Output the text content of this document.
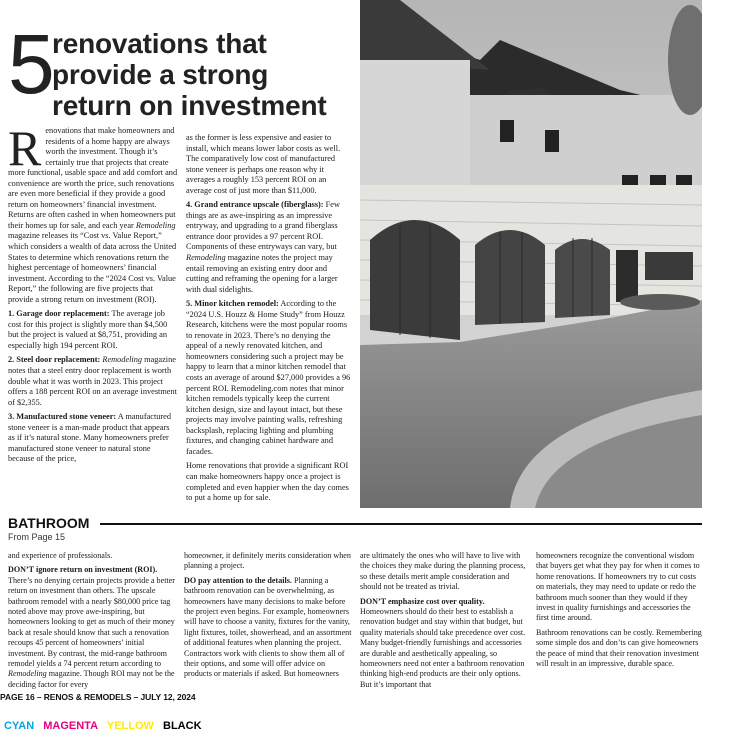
5
renovations that
provide a strong
return on investment

R enovations that make homeowners and residents of a home happy are always worth the investment. Though it’s certainly true that projects that create more functional, usable space and add comfort and convenience are worth the price, such renovations are even more beneficial if they provide a good return on homeowners’ financial investment. Returns are often cashed in when homeowners put their homes up for sale, and each year Remodeling magazine releases its “Cost vs. Value Report,” which considers a wealth of data across the United States to determine which renovations return the highest percentage of homeowners’ financial investment. According to the “2024 Cost vs. Value Report,” the following are five projects that provide a strong return on investment (ROI).

1. Garage door replacement: The average job cost for this project is slightly more than $4,500 but the project is valued at $8,751, providing an especially high 194 percent ROI.

2. Steel door replacement: Remodeling magazine notes that a steel entry door replacement is worth double what it was worth in 2023. This project offers a 188 percent ROI on an average investment of $2,355.

3. Manufactured stone veneer: A manufactured stone veneer is a man-made product that appears as if it’s natural stone. Many homeowners prefer manufactured stone veneer to natural stone because of the price,

as the former is less expensive and easier to install, which means lower labor costs as well. The comparatively low cost of manufactured stone veneer is perhaps one reason why it averages a roughly 153 percent ROI on an average cost of just more than $11,000.

4. Grand entrance upscale (fiberglass): Few things are as awe-inspiring as an impressive entryway, and upgrading to a grand fiberglass entrance door provides a 97 percent ROI. Components of these entryways can vary, but Remodeling magazine notes the project may entail removing an existing entry door and cutting and reframing the opening for a larger with dual sidelights.

5. Minor kitchen remodel: According to the “2024 U.S. Houzz & Home Study” from Houzz Research, kitchens were the most popular rooms to renovate in 2023. There’s no denying the appeal of a newly renovated kitchen, and homeowners considering such a project may be happy to learn that a minor kitchen remodel that costs an average of around $27,000 provides a 96 percent ROI. Remodeling.com notes that minor kitchen remodels typically keep the current kitchen design, size and layout intact, but these projects may involve painting walls, refreshing backsplash, replacing lighting and plumbing fixtures, and changing cabinet hardware and facades.

Home renovations that provide a significant ROI can make homeowners happy once a project is completed and even happier when the day comes to put a home up for sale.

BATHROOM
From Page 15

and experience of professionals.

DON’T ignore return on investment (ROI). There’s no denying certain projects provide a better return on investment than others. The upscale bathroom remodel with a nearly $80,000 price tag noted above may prove awe-inspiring, but homeowners looking to get as much of their money back at resale should know that such a renovation recoups 45 percent of homeowners’ initial investment. By contrast, the mid-range bathroom remodel yields a 74 percent return according to Remodeling magazine. Though ROI may not be the deciding factor for every

homeowner, it definitely merits consideration when planning a project.

DO pay attention to the details. Planning a bathroom renovation can be overwhelming, as homeowners have many decisions to make before the project even begins. For example, homeowners will have to choose a vanity, fixtures for the vanity, light fixtures, toilet, showerhead, and an assortment of additional features when planning the project. Contractors work with clients to show them all of their options, and some will offer advice on products or materials if asked. But homeowners

are ultimately the ones who will have to live with the choices they make during the planning process, so these details merit ample consideration and should not be treated as trivial.

DON’T emphasize cost over quality. Homeowners should do their best to establish a renovation budget and stay within that budget, but quality materials should take precedence over cost. Many budget-friendly furnishings and accessories are durable and aesthetically appealing, so homeowners need not enter a bathroom renovation thinking high-end products are their only options. But it’s important that

homeowners recognize the conventional wisdom that buyers get what they pay for when it comes to home renovations. If homeowners try to cut costs on materials, they may need to update or redo the bathroom much sooner than they would if they invest in quality furnishings and accessories the first time around.

Bathroom renovations can be costly. Remembering some simple dos and don’ts can give homeowners the peace of mind that their renovation investment will result in an impressive, durable space.

PAGE 16 – RENOS & REMODELS – JULY 12, 2024
CYAN MAGENTA YELLOW BLACK
